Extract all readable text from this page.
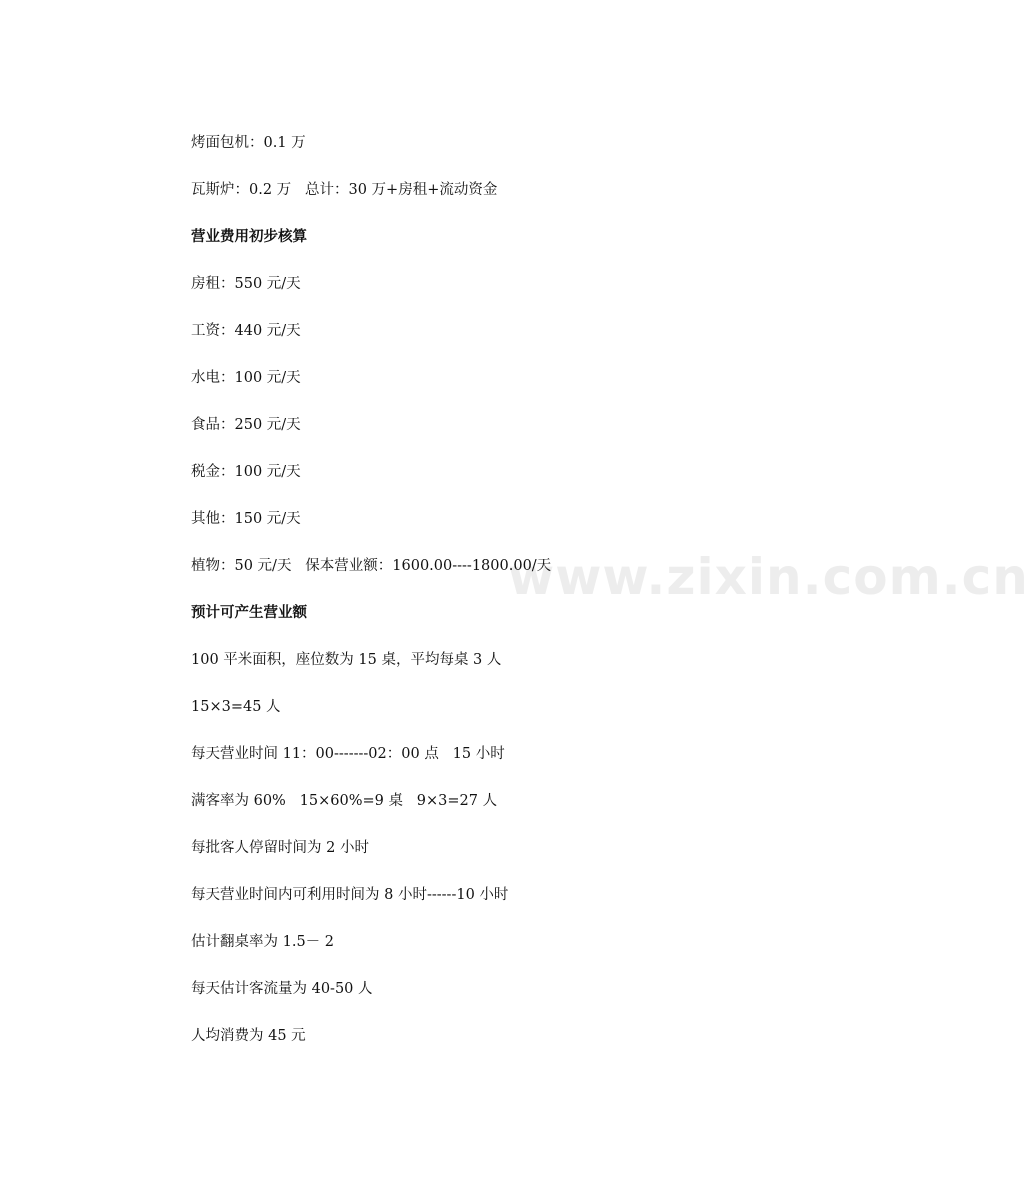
www.zixin.com.cn
烤面包机：0.1 万
瓦斯炉：0.2 万   总计：30 万+房租+流动资金
营业费用初步核算
房租：550 元/天
工资：440 元/天
水电：100 元/天
食品：250 元/天
税金：100 元/天
其他：150 元/天
植物：50 元/天   保本营业额：1600.00----1800.00/天
预计可产生营业额
100 平米面积，座位数为 15 桌，平均每桌 3 人
15×3=45 人
每天营业时间 11：00-------02：00 点   15 小时
满客率为 60%   15×60%=9 桌   9×3=27 人
每批客人停留时间为 2 小时
每天营业时间内可利用时间为 8 小时------10 小时
估计翻桌率为 1.5－ 2
每天估计客流量为 40-50 人
人均消费为 45 元
